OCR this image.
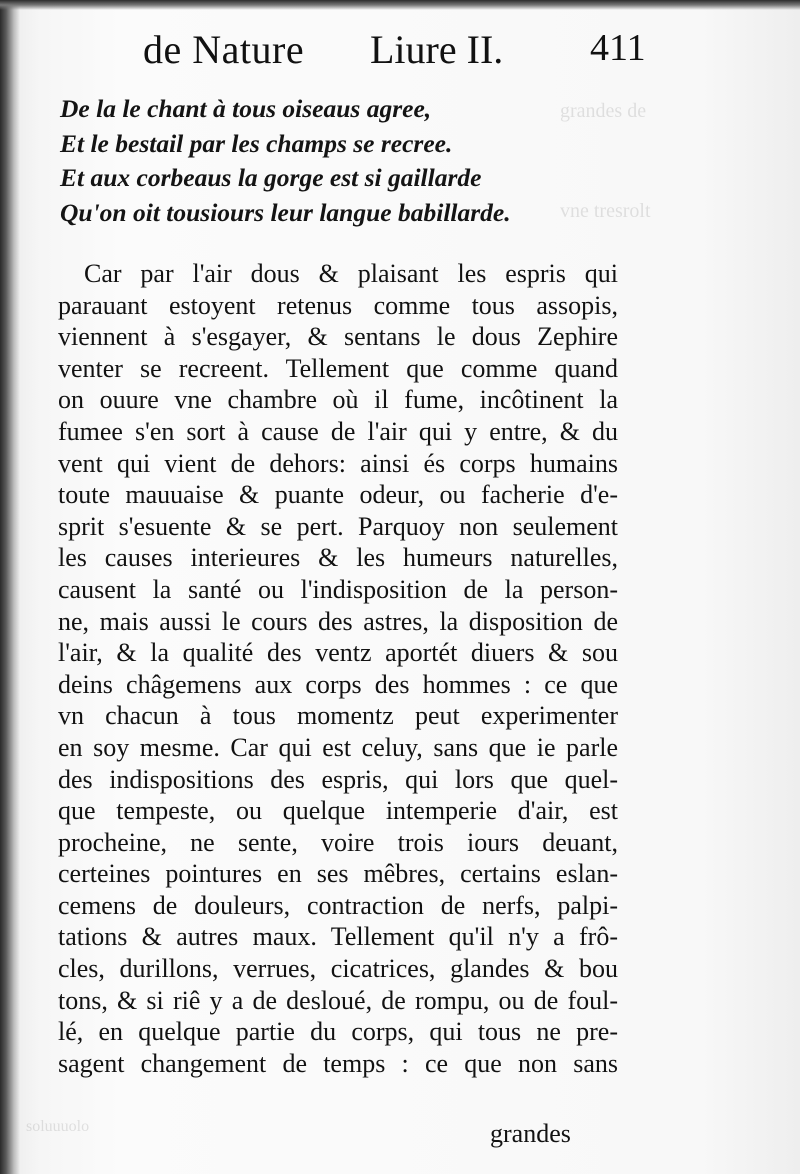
grandes de
vne tresrolt
soluuuolo
de Nature Liure II. 411
De la le chant à tous oiseaus agree,
Et le bestail par les champs se recree.
Et aux corbeaus la gorge est si gaillarde
Qu'on oit tousiours leur langue babillarde.
Car par l'air dous & plaisant les espris qui
parauant estoyent retenus comme tous assopis,
viennent à s'esgayer, & sentans le dous Zephire
venter se recreent. Tellement que comme quand
on ouure vne chambre où il fume, incôtinent la
fumee s'en sort à cause de l'air qui y entre, & du
vent qui vient de dehors: ainsi és corps humains
toute mauuaise & puante odeur, ou facherie d'e-
sprit s'esuente & se pert. Parquoy non seulement
les causes interieures & les humeurs naturelles,
causent la santé ou l'indisposition de la person-
ne, mais aussi le cours des astres, la disposition de
l'air, & la qualité des ventz aportét diuers & sou
deins châgemens aux corps des hommes : ce que
vn chacun à tous momentz peut experimenter
en soy mesme. Car qui est celuy, sans que ie parle
des indispositions des espris, qui lors que quel-
que tempeste, ou quelque intemperie d'air, est
procheine, ne sente, voire trois iours deuant,
certeines pointures en ses mêbres, certains eslan-
cemens de douleurs, contraction de nerfs, palpi-
tations & autres maux. Tellement qu'il n'y a frô-
cles, durillons, verrues, cicatrices, glandes & bou
tons, & si riê y a de desloué, de rompu, ou de foul-
lé, en quelque partie du corps, qui tous ne pre-
sagent changement de temps : ce que non sans
grandes
